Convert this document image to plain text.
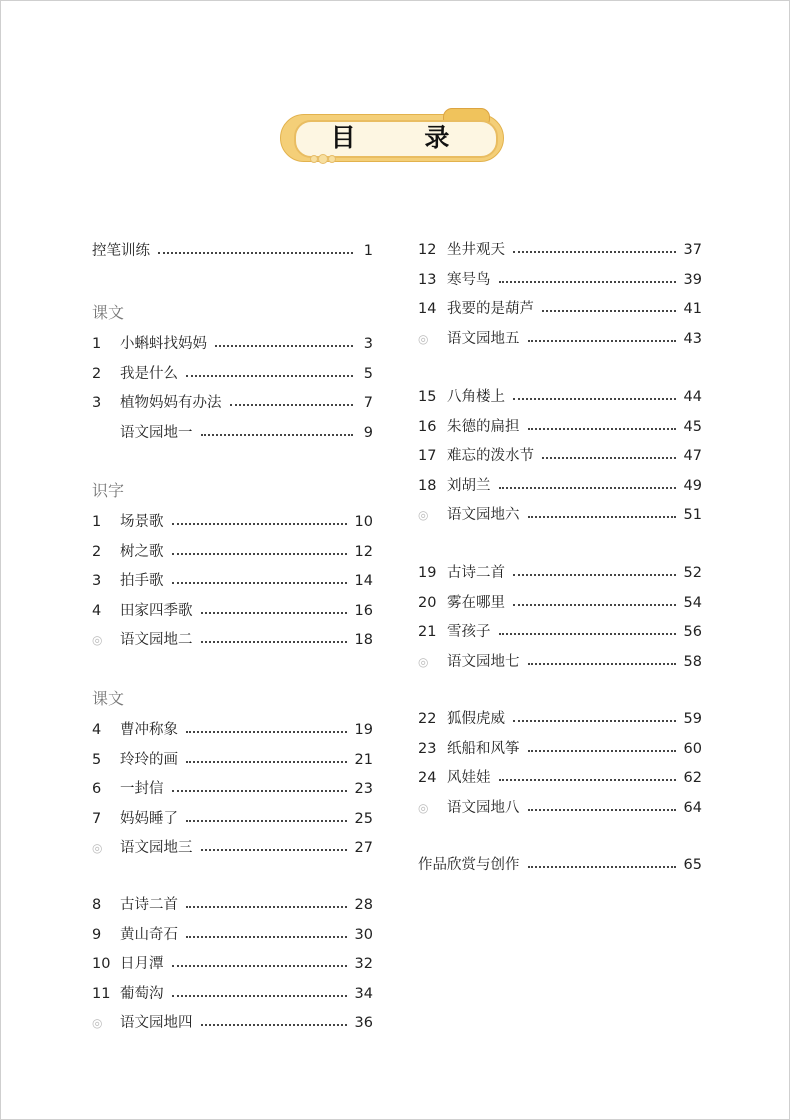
目 录
控笔训练	1
课文
1	小蝌蚪找妈妈	3
2	我是什么	5
3	植物妈妈有办法	7
语文园地一	9
识字
1	场景歌	10
2	树之歌	12
3	拍手歌	14
4	田家四季歌	16
◎	语文园地二	18
课文
4	曹冲称象	19
5	玲玲的画	21
6	一封信	23
7	妈妈睡了	25
◎	语文园地三	27
8	古诗二首	28
9	黄山奇石	30
10 日月潭	32
11 葡萄沟	34
◎	语文园地四	36
12 坐井观天	37
13 寒号鸟	39
14 我要的是葫芦	41
◎	语文园地五	43
15 八角楼上	44
16 朱德的扁担	45
17 难忘的泼水节	47
18 刘胡兰	49
◎	语文园地六	51
19 古诗二首	52
20 雾在哪里	54
21 雪孩子	56
◎	语文园地七	58
22 狐假虎威	59
23 纸船和风筝	60
24 风娃娃	62
◎	语文园地八	64
作品欣赏与创作	65
